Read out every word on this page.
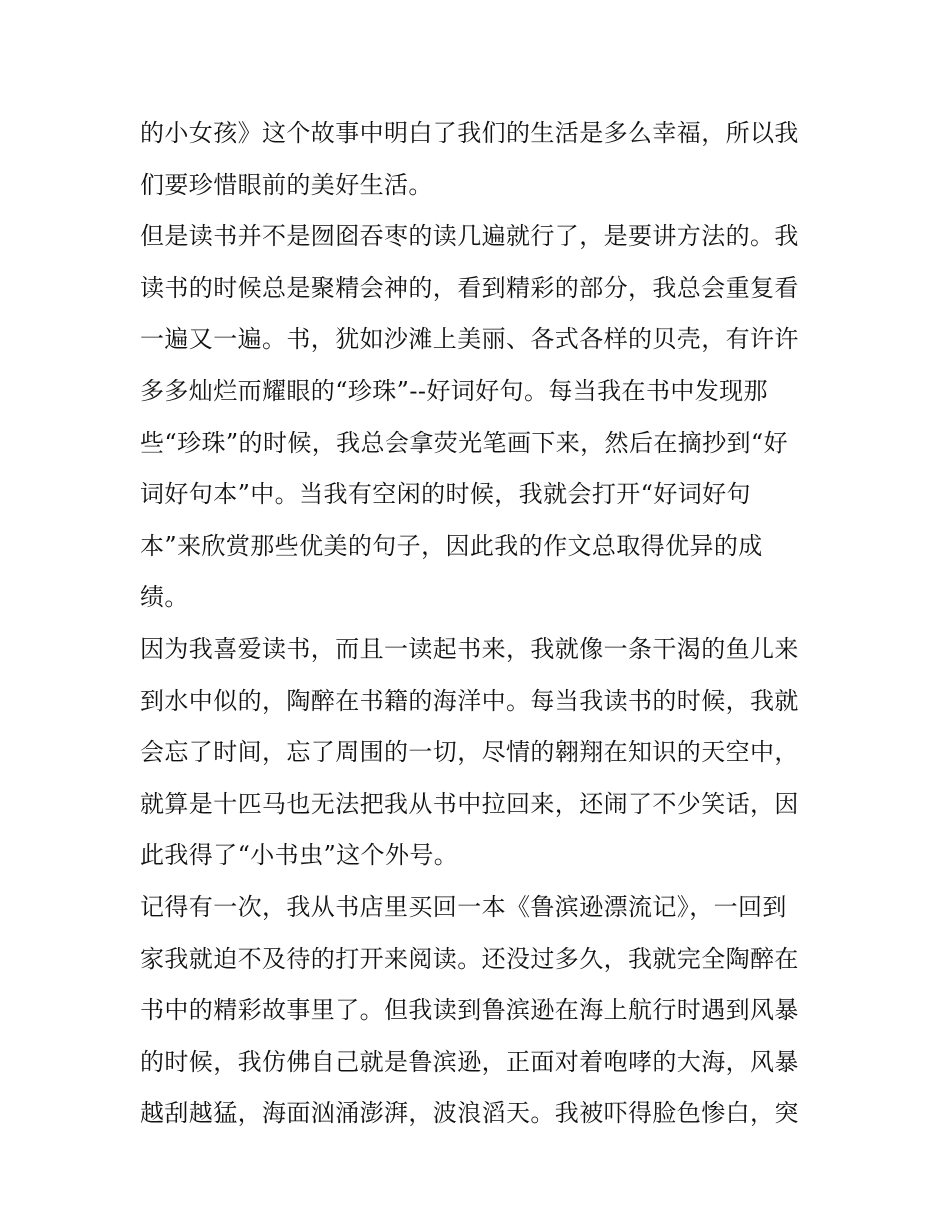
的小女孩》这个故事中明白了我们的生活是多么幸福，所以我
们要珍惜眼前的美好生活。
但是读书并不是囫囵吞枣的读几遍就行了，是要讲方法的。我
读书的时候总是聚精会神的，看到精彩的部分，我总会重复看
一遍又一遍。书，犹如沙滩上美丽、各式各样的贝壳，有许许
多多灿烂而耀眼的“珍珠”--好词好句。每当我在书中发现那
些“珍珠”的时候，我总会拿荧光笔画下来，然后在摘抄到“好
词好句本”中。当我有空闲的时候，我就会打开“好词好句
本”来欣赏那些优美的句子，因此我的作文总取得优异的成
绩。
因为我喜爱读书，而且一读起书来，我就像一条干渴的鱼儿来
到水中似的，陶醉在书籍的海洋中。每当我读书的时候，我就
会忘了时间，忘了周围的一切，尽情的翱翔在知识的天空中，
就算是十匹马也无法把我从书中拉回来，还闹了不少笑话，因
此我得了“小书虫”这个外号。
记得有一次，我从书店里买回一本《鲁滨逊漂流记》，一回到
家我就迫不及待的打开来阅读。还没过多久，我就完全陶醉在
书中的精彩故事里了。但我读到鲁滨逊在海上航行时遇到风暴
的时候，我仿佛自己就是鲁滨逊，正面对着咆哮的大海，风暴
越刮越猛，海面汹涌澎湃，波浪滔天。我被吓得脸色惨白，突
